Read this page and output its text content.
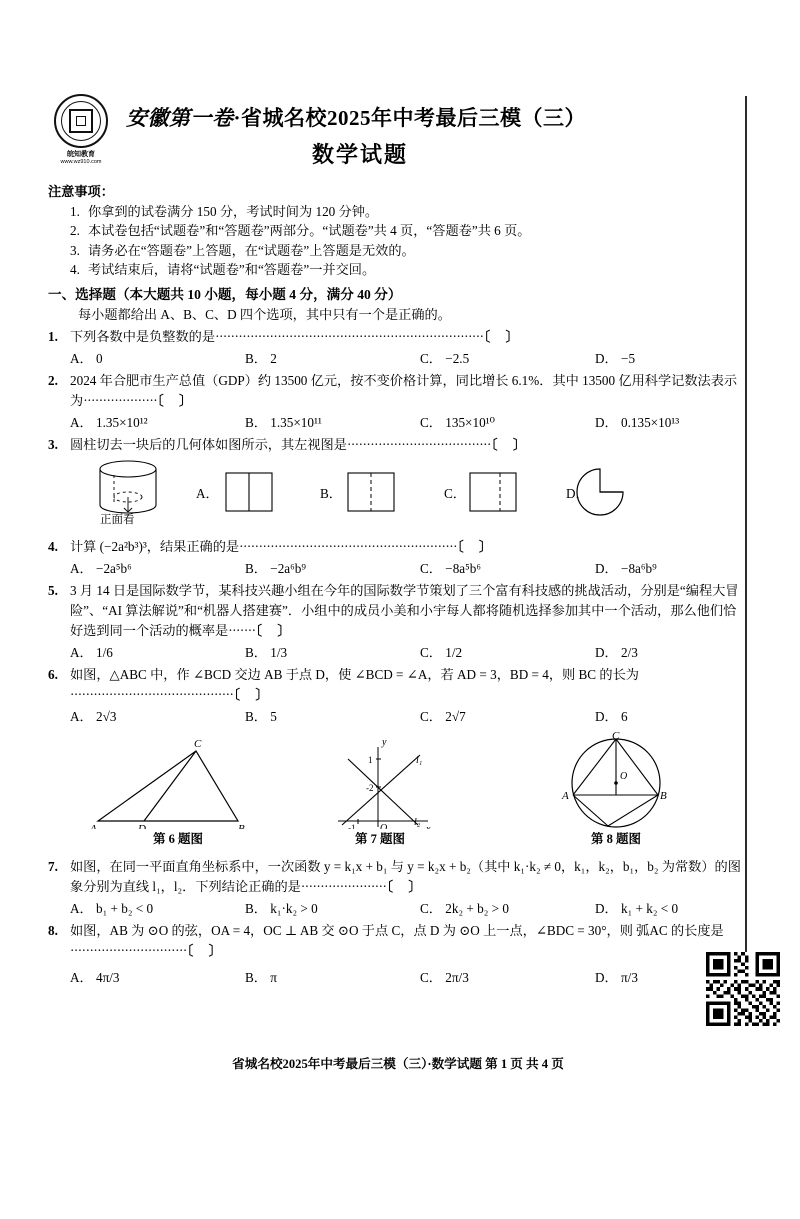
皖知教育
www.wz910.com
安徽第一卷·省城名校2025年中考最后三模（三）
数学试题
注意事项：
1. 你拿到的试卷满分 150 分，考试时间为 120 分钟。
2. 本试卷包括“试题卷”和“答题卷”两部分。“试题卷”共 4 页，“答题卷”共 6 页。
3. 请务必在“答题卷”上答题，在“试题卷”上答题是无效的。
4. 考试结束后，请将“试题卷”和“答题卷”一并交回。
一、选择题（本大题共 10 小题，每小题 4 分，满分 40 分）
每小题都给出 A、B、C、D 四个选项，其中只有一个是正确的。
1. 下列各数中是负整数的是·····································································〔 〕
A． 0	B． 2	C． −2.5	D． −5
2. 2024 年合肥市生产总值（GDP）约 13500 亿元，按不变价格计算，同比增长 6.1%．其中 13500 亿用科学记数法表示为···················〔 〕
A． 1.35×10¹²	B． 1.35×10¹¹	C． 135×10¹⁰	D． 0.135×10¹³
3. 圆柱切去一块后的几何体如图所示，其左视图是·····································〔 〕
正面看
A．	B．	C．	D．
4. 计算 (−2a²b³)³，结果正确的是························································〔 〕
A． −2a⁵b⁶	B． −2a⁶b⁹	C． −8a⁵b⁶	D． −8a⁶b⁹
5. 3 月 14 日是国际数学节，某科技兴趣小组在今年的国际数学节策划了三个富有科技感的挑战活动，分别是“编程大冒险”、“AI 算法解说”和“机器人搭建赛”．小组中的成员小美和小宇每人都将随机选择参加其中一个活动，那么他们恰好选到同一个活动的概率是·······〔 〕
A． 1/6	B． 1/3	C． 1/2	D． 2/3
6. 如图，△ABC 中，作 ∠BCD 交边 AB 于点 D，使 ∠BCD = ∠A，若 AD = 3，BD = 4，则 BC 的长为··········································〔 〕
A． 2√3	B． 5	C． 2√7	D． 6
A	B
C
D
y
O
-1
1
-2
l₁
l₂
O
A	B
C
第 6 题图	第 7 题图	第 8 题图
7. 如图，在同一平面直角坐标系中，一次函数 y = k₁x + b₁ 与 y = k₂x + b₂（其中 k₁·k₂ ≠ 0，k₁，k₂，b₁，b₂ 为常数）的图象分别为直线 l₁，l₂．下列结论正确的是······················〔 〕
A． b₁ + b₂ < 0	B． k₁·k₂ > 0	C． 2k₂ + b₂ > 0	D． k₁ + k₂ < 0
8. 如图，AB 为 ⊙O 的弦，OA = 4，OC ⊥ AB 交 ⊙O 于点 C，点 D 为 ⊙O 上一点，∠BDC = 30°，则 弧AC 的长度是······························〔 〕
A． 4π/3	B． π	C． 2π/3	D． π/3
省城名校2025年中考最后三模（三）·数学试题 第 1 页 共 4 页
